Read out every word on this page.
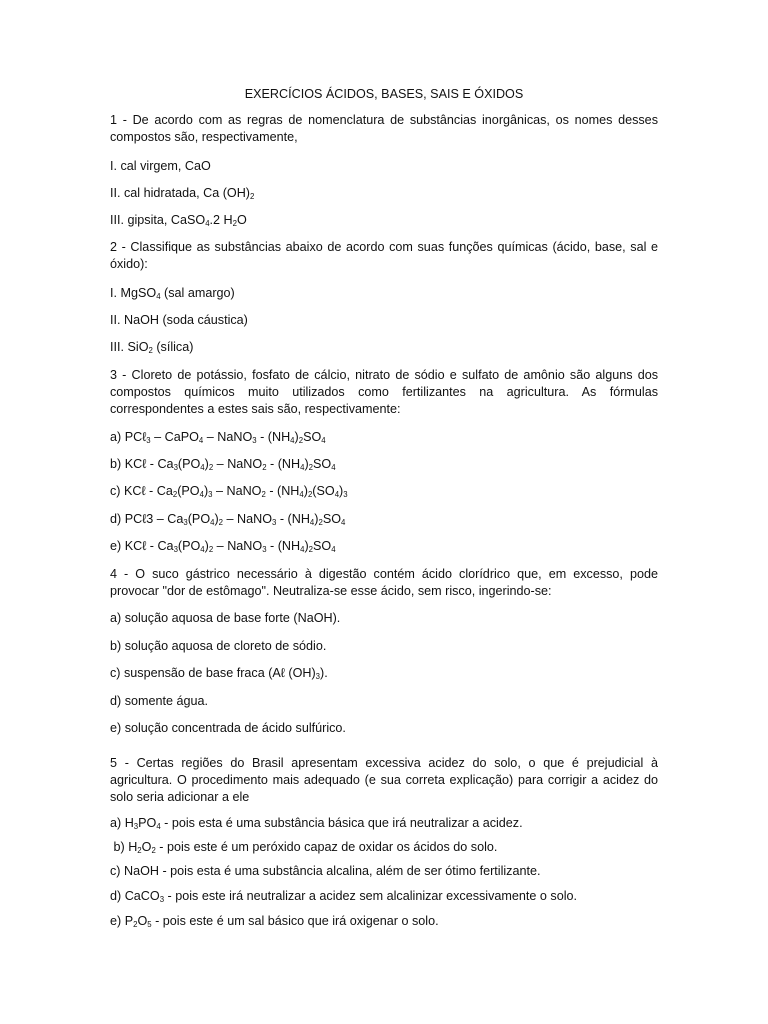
EXERCÍCIOS ÁCIDOS, BASES, SAIS E ÓXIDOS

1 - De acordo com as regras de nomenclatura de substâncias inorgânicas, os nomes desses compostos são, respectivamente,

I. cal virgem, CaO

II. cal hidratada, Ca $(OH)_2$

III. gipsita, CaSO$_4$.2 $H_2O$

2 - Classifique as substâncias abaixo de acordo com suas funções químicas (ácido, base, sal e óxido):

I. MgSO$_4$ (sal amargo)

II. NaOH (soda cáustica)

III. SiO$_2$ (sílica)

3 - Cloreto de potássio, fosfato de cálcio, nitrato de sódio e sulfato de amônio são alguns dos compostos químicos muito utilizados como fertilizantes na agricultura. As fórmulas correspondentes a estes sais são, respectivamente:

a) PCℓ$_3$ – CaPO$_4$ – NaNO$_3$ - $(NH_4)_2SO_4$

b) KCℓ - $Ca_3(PO_4)_2$ – NaNO$_2$ - $(NH_4)_2SO_4$

c) KCℓ - $Ca_2(PO_4)_3$ – NaNO$_2$ - $(NH_4)_2(SO_4)_3$

d) PCℓ3 – $Ca_3(PO_4)_2$ – NaNO$_3$ - $(NH_4)_2SO_4$

e) KCℓ - $Ca_3(PO_4)_2$ – NaNO$_3$ - $(NH_4)_2SO_4$

4 - O suco gástrico necessário à digestão contém ácido clorídrico que, em excesso, pode provocar "dor de estômago". Neutraliza-se esse ácido, sem risco, ingerindo-se:

a) solução aquosa de base forte (NaOH).

b) solução aquosa de cloreto de sódio.

c) suspensão de base fraca (Aℓ $(OH)_3$).

d) somente água.

e) solução concentrada de ácido sulfúrico.

5 - Certas regiões do Brasil apresentam excessiva acidez do solo, o que é prejudicial à agricultura. O procedimento mais adequado (e sua correta explicação) para corrigir a acidez do solo seria adicionar a ele

a) $H_3PO_4$ - pois esta é uma substância básica que irá neutralizar a acidez.

b) $H_2O_2$ - pois este é um peróxido capaz de oxidar os ácidos do solo.

c) NaOH - pois esta é uma substância alcalina, além de ser ótimo fertilizante.

d) CaCO$_3$ - pois este irá neutralizar a acidez sem alcalinizar excessivamente o solo.

e) $P_2O_5$ - pois este é um sal básico que irá oxigenar o solo.
